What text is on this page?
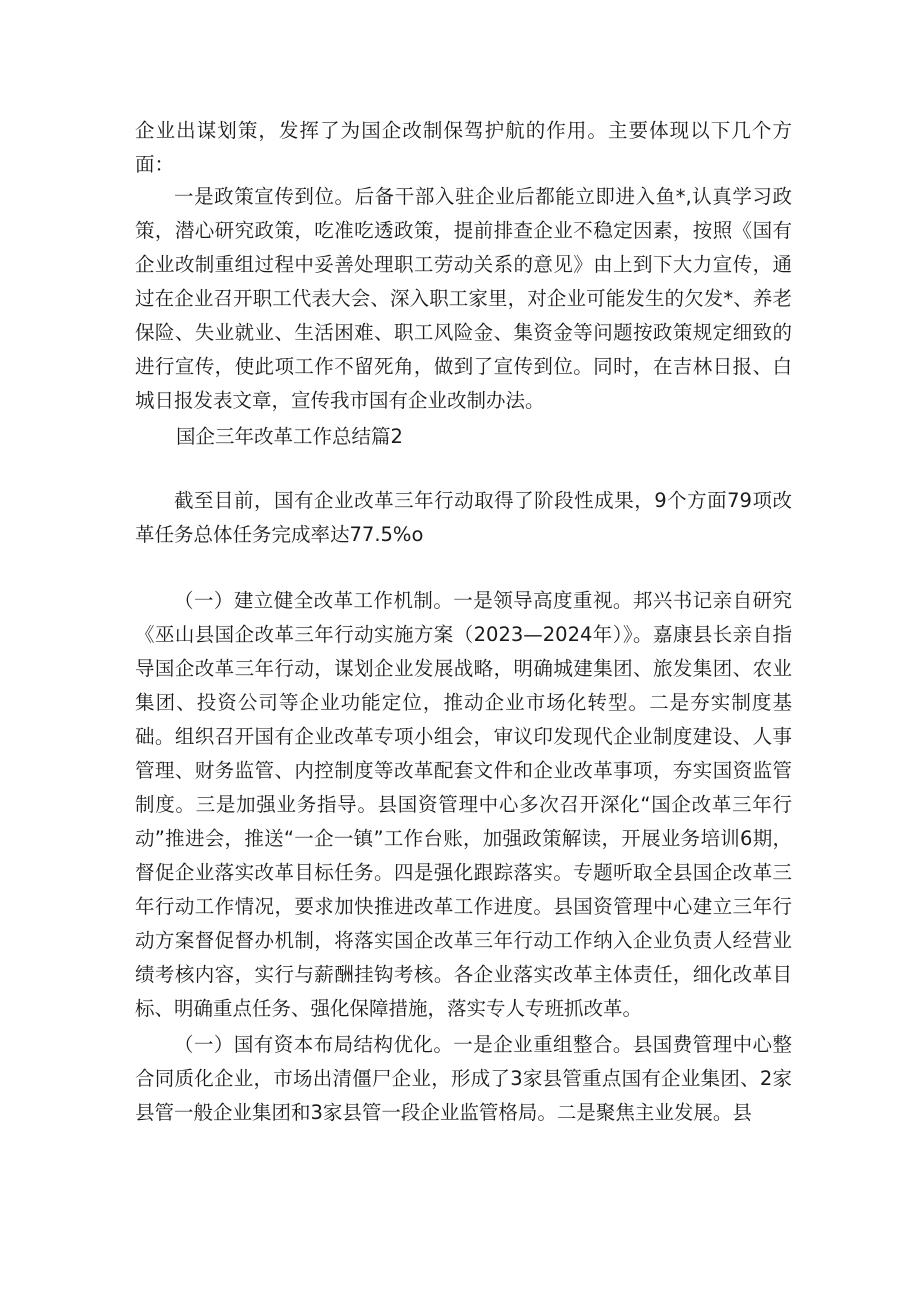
企业出谋划策，发挥了为国企改制保驾护航的作用。主要体现以下几个方面：

一是政策宣传到位。后备干部入驻企业后都能立即进入鱼*,认真学习政策，潜心研究政策，吃准吃透政策，提前排查企业不稳定因素，按照《国有企业改制重组过程中妥善处理职工劳动关系的意见》由上到下大力宣传，通过在企业召开职工代表大会、深入职工家里，对企业可能发生的欠发*、养老保险、失业就业、生活困难、职工风险金、集资金等问题按政策规定细致的进行宣传，使此项工作不留死角，做到了宣传到位。同时，在吉林日报、白城日报发表文章，宣传我市国有企业改制办法。

国企三年改革工作总结篇2

截至目前，国有企业改革三年行动取得了阶段性成果，9个方面79项改革任务总体任务完成率达77.5%o

（一）建立健全改革工作机制。一是领导高度重视。邦兴书记亲自研究《巫山县国企改革三年行动实施方案（2023—2024年）》。嘉康县长亲自指导国企改革三年行动，谋划企业发展战略，明确城建集团、旅发集团、农业集团、投资公司等企业功能定位，推动企业市场化转型。二是夯实制度基础。组织召开国有企业改革专项小组会，审议印发现代企业制度建设、人事管理、财务监管、内控制度等改革配套文件和企业改革事项，夯实国资监管制度。三是加强业务指导。县国资管理中心多次召开深化“国企改革三年行动”推进会，推送“一企一镇”工作台账，加强政策解读，开展业务培训6期，督促企业落实改革目标任务。四是强化跟踪落实。专题听取全县国企改革三年行动工作情况，要求加快推进改革工作进度。县国资管理中心建立三年行动方案督促督办机制，将落实国企改革三年行动工作纳入企业负责人经营业绩考核内容，实行与薪酬挂钩考核。各企业落实改革主体责任，细化改革目标、明确重点任务、强化保障措施，落实专人专班抓改革。

（一）国有资本布局结构优化。一是企业重组整合。县国费管理中心整合同质化企业，市场出清僵尸企业，形成了3家县管重点国有企业集团、2家县管一般企业集团和3家县管一段企业监管格局。二是聚焦主业发展。县
